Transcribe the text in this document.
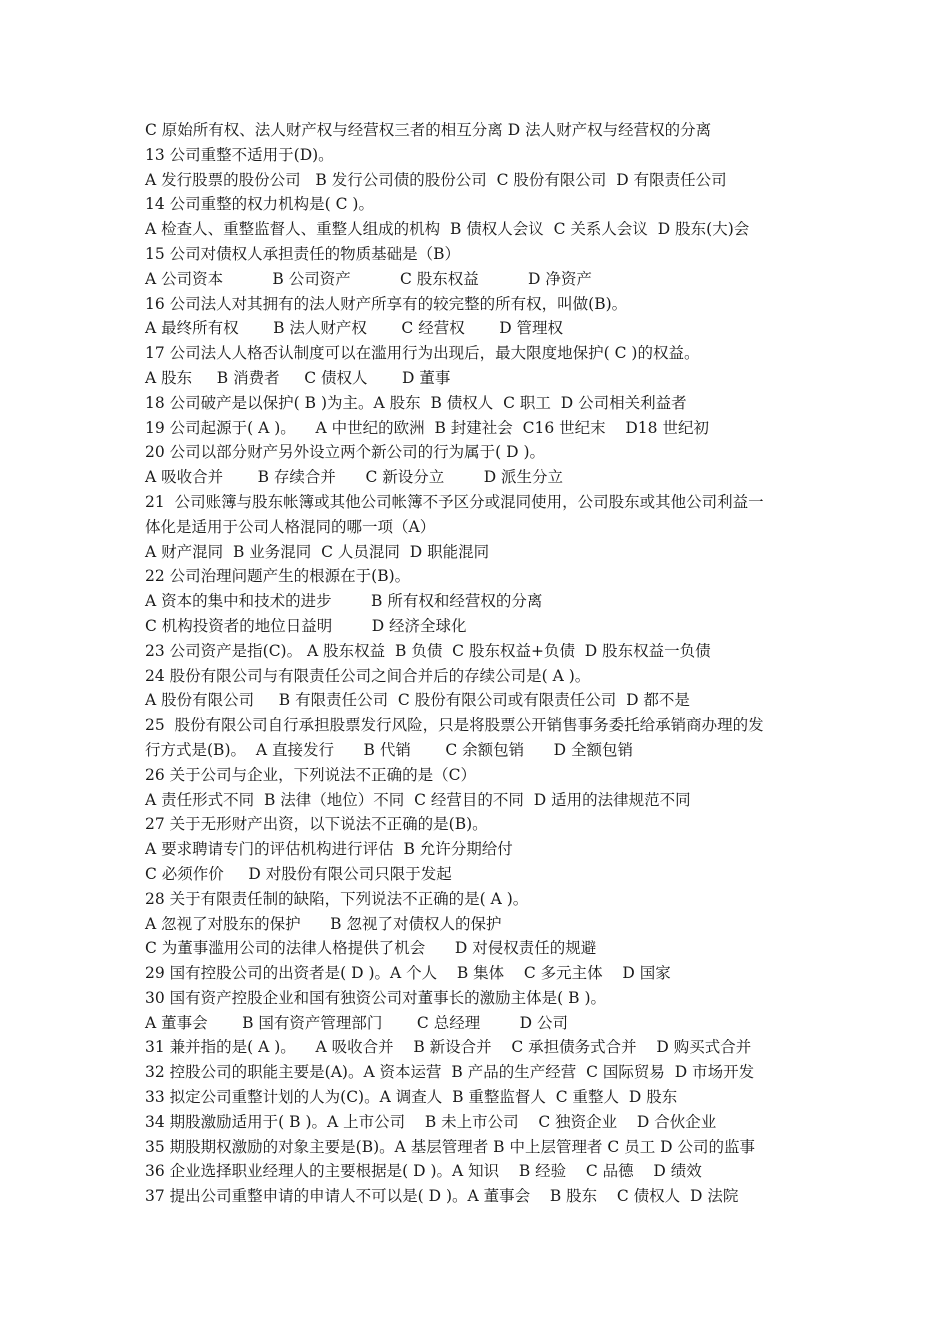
C 原始所有权、法人财产权与经营权三者的相互分离 D 法人财产权与经营权的分离
13 公司重整不适用于(D)。
A 发行股票的股份公司   B 发行公司债的股份公司  C 股份有限公司  D 有限责任公司
14 公司重整的权力机构是( C )。
A 检查人、重整监督人、重整人组成的机构  B 债权人会议  C 关系人会议  D 股东(大)会
15 公司对债权人承担责任的物质基础是（B）
A 公司资本          B 公司资产          C 股东权益          D 净资产
16 公司法人对其拥有的法人财产所享有的较完整的所有权，叫做(B)。
A 最终所有权       B 法人财产权       C 经营权       D 管理权
17 公司法人人格否认制度可以在滥用行为出现后，最大限度地保护( C )的权益。
A 股东     B 消费者     C 债权人       D 董事
18 公司破产是以保护( B )为主。A 股东  B 债权人  C 职工  D 公司相关利益者
19 公司起源于( A )。    A 中世纪的欧洲  B 封建社会  C16 世纪末    D18 世纪初
20 公司以部分财产另外设立两个新公司的行为属于( D )。
A 吸收合并       B 存续合并      C 新设分立        D 派生分立
21  公司账簿与股东帐簿或其他公司帐簿不予区分或混同使用，公司股东或其他公司利益一
体化是适用于公司人格混同的哪一项（A）
A 财产混同  B 业务混同  C 人员混同  D 职能混同
22 公司治理问题产生的根源在于(B)。
A 资本的集中和技术的进步        B 所有权和经营权的分离
C 机构投资者的地位日益明        D 经济全球化
23 公司资产是指(C)。 A 股东权益  B 负债  C 股东权益+负债  D 股东权益一负债
24 股份有限公司与有限责任公司之间合并后的存续公司是( A )。
A 股份有限公司     B 有限责任公司  C 股份有限公司或有限责任公司  D 都不是
25  股份有限公司自行承担股票发行风险，只是将股票公开销售事务委托给承销商办理的发
行方式是(B)。  A 直接发行      B 代销       C 余额包销      D 全额包销
26 关于公司与企业，下列说法不正确的是（C）
A 责任形式不同  B 法律（地位）不同  C 经营目的不同  D 适用的法律规范不同
27 关于无形财产出资，以下说法不正确的是(B)。
A 要求聘请专门的评估机构进行评估  B 允许分期给付
C 必须作价     D 对股份有限公司只限于发起
28 关于有限责任制的缺陷，下列说法不正确的是( A )。
A 忽视了对股东的保护      B 忽视了对债权人的保护
C 为董事滥用公司的法律人格提供了机会      D 对侵权责任的规避
29 国有控股公司的出资者是( D )。A 个人    B 集体    C 多元主体    D 国家
30 国有资产控股企业和国有独资公司对董事长的激励主体是( B )。
A 董事会       B 国有资产管理部门       C 总经理        D 公司
31 兼并指的是( A )。    A 吸收合并    B 新设合并    C 承担债务式合并    D 购买式合并
32 控股公司的职能主要是(A)。A 资本运营  B 产品的生产经营  C 国际贸易  D 市场开发
33 拟定公司重整计划的人为(C)。A 调查人  B 重整监督人  C 重整人  D 股东
34 期股激励适用于( B )。A 上市公司    B 未上市公司    C 独资企业    D 合伙企业
35 期股期权激励的对象主要是(B)。A 基层管理者 B 中上层管理者 C 员工 D 公司的监事
36 企业选择职业经理人的主要根据是( D )。A 知识    B 经验    C 品德    D 绩效
37 提出公司重整申请的申请人不可以是( D )。A 董事会    B 股东    C 债权人  D 法院
